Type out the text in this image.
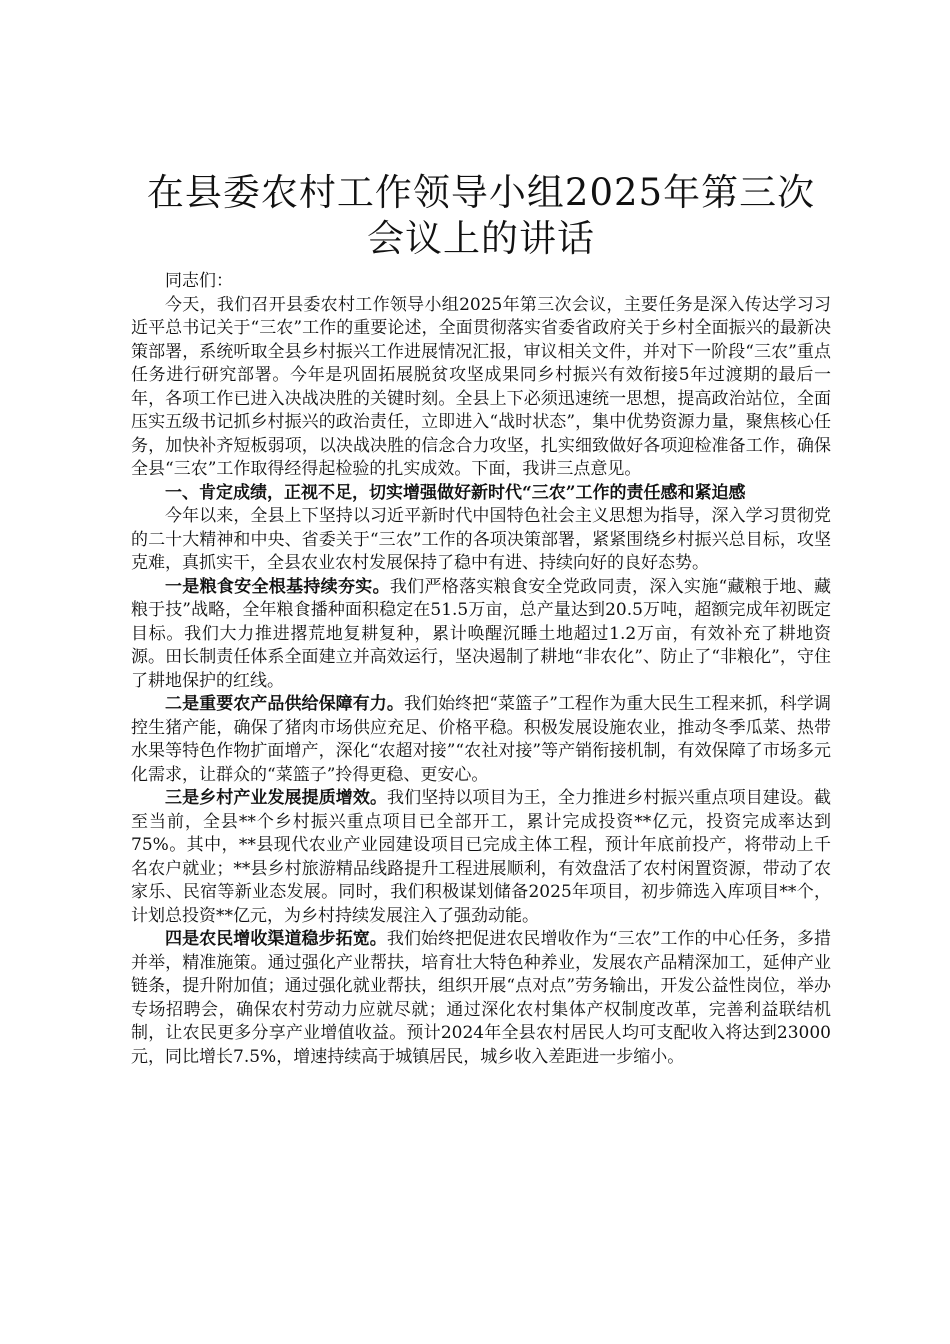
在县委农村工作领导小组2025年第三次会议上的讲话

同志们：

今天，我们召开县委农村工作领导小组2025年第三次会议，主要任务是深入传达学习习近平总书记关于“三农”工作的重要论述，全面贯彻落实省委省政府关于乡村全面振兴的最新决策部署，系统听取全县乡村振兴工作进展情况汇报，审议相关文件，并对下一阶段“三农”重点任务进行研究部署。今年是巩固拓展脱贫攻坚成果同乡村振兴有效衔接5年过渡期的最后一年，各项工作已进入决战决胜的关键时刻。全县上下必须迅速统一思想，提高政治站位，全面压实五级书记抓乡村振兴的政治责任，立即进入“战时状态”，集中优势资源力量，聚焦核心任务，加快补齐短板弱项，以决战决胜的信念合力攻坚，扎实细致做好各项迎检准备工作，确保全县“三农”工作取得经得起检验的扎实成效。下面，我讲三点意见。

一、肯定成绩，正视不足，切实增强做好新时代“三农”工作的责任感和紧迫感

今年以来，全县上下坚持以习近平新时代中国特色社会主义思想为指导，深入学习贯彻党的二十大精神和中央、省委关于“三农”工作的各项决策部署，紧紧围绕乡村振兴总目标，攻坚克难，真抓实干，全县农业农村发展保持了稳中有进、持续向好的良好态势。

一是粮食安全根基持续夯实。我们严格落实粮食安全党政同责，深入实施“藏粮于地、藏粮于技”战略，全年粮食播种面积稳定在51.5万亩，总产量达到20.5万吨，超额完成年初既定目标。我们大力推进撂荒地复耕复种，累计唤醒沉睡土地超过1.2万亩，有效补充了耕地资源。田长制责任体系全面建立并高效运行，坚决遏制了耕地“非农化”、防止了“非粮化”，守住了耕地保护的红线。

二是重要农产品供给保障有力。我们始终把“菜篮子”工程作为重大民生工程来抓，科学调控生猪产能，确保了猪肉市场供应充足、价格平稳。积极发展设施农业，推动冬季瓜菜、热带水果等特色作物扩面增产，深化“农超对接”“农社对接”等产销衔接机制，有效保障了市场多元化需求，让群众的“菜篮子”拎得更稳、更安心。

三是乡村产业发展提质增效。我们坚持以项目为王，全力推进乡村振兴重点项目建设。截至当前，全县**个乡村振兴重点项目已全部开工，累计完成投资**亿元，投资完成率达到75%。其中，**县现代农业产业园建设项目已完成主体工程，预计年底前投产，将带动上千名农户就业；**县乡村旅游精品线路提升工程进展顺利，有效盘活了农村闲置资源，带动了农家乐、民宿等新业态发展。同时，我们积极谋划储备2025年项目，初步筛选入库项目**个，计划总投资**亿元，为乡村持续发展注入了强劲动能。

四是农民增收渠道稳步拓宽。我们始终把促进农民增收作为“三农”工作的中心任务，多措并举，精准施策。通过强化产业帮扶，培育壮大特色种养业，发展农产品精深加工，延伸产业链条，提升附加值；通过强化就业帮扶，组织开展“点对点”劳务输出，开发公益性岗位，举办专场招聘会，确保农村劳动力应就尽就；通过深化农村集体产权制度改革，完善利益联结机制，让农民更多分享产业增值收益。预计2024年全县农村居民人均可支配收入将达到23000元，同比增长7.5%，增速持续高于城镇居民，城乡收入差距进一步缩小。
